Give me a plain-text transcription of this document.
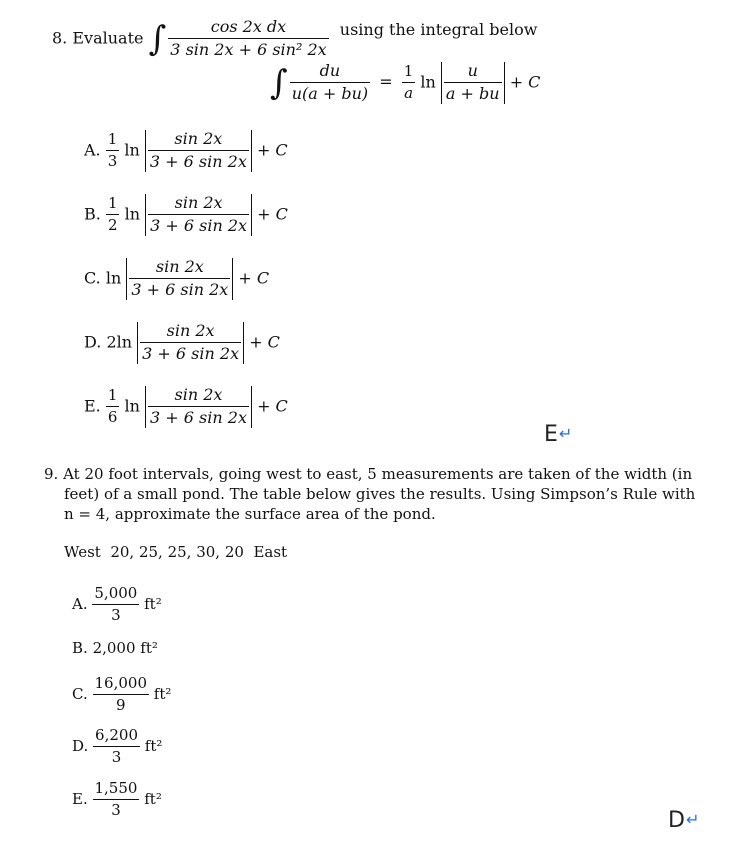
8. Evaluate ∫ $\frac{\text{cos 2x dx}}{\text{3 sin 2x + 6 sin² 2x}}$ using the integral below
∫ $\frac{du}{u(a + bu)} = \frac{1}{a}$ $\ln \frac{u}{a + bu} + C$
A. $\frac{1}{3}$ $\ln \frac{\sin 2x}{3 + 6 \sin 2x} + C$
B. $\frac{1}{2}$ $\ln \frac{\sin 2x}{3 + 6 \sin 2x} + C$
C. $\ln \frac{\sin 2x}{3 + 6 \sin 2x} + C$
D. $2\ln \frac{\sin 2x}{3 + 6 \sin 2x} + C$
E. $\frac{1}{6}$ $\ln \frac{\sin 2x}{3 + 6 \sin 2x} + C$
E↵
9. At 20 foot intervals, going west to east, 5 measurements are taken of the width (in
feet) of a small pond. The table below gives the results. Using Simpson’s Rule with
n = 4, approximate the surface area of the pond.
West  20, 25, 25, 30, 20  East
A. $\frac{5,000}{3} ft^2$
B. 2,000 ft²
C. $\frac{16,000}{9} ft^2$
D. $\frac{6,200}{3} ft^2$
E. $\frac{1,550}{3} ft^2$
D↵
